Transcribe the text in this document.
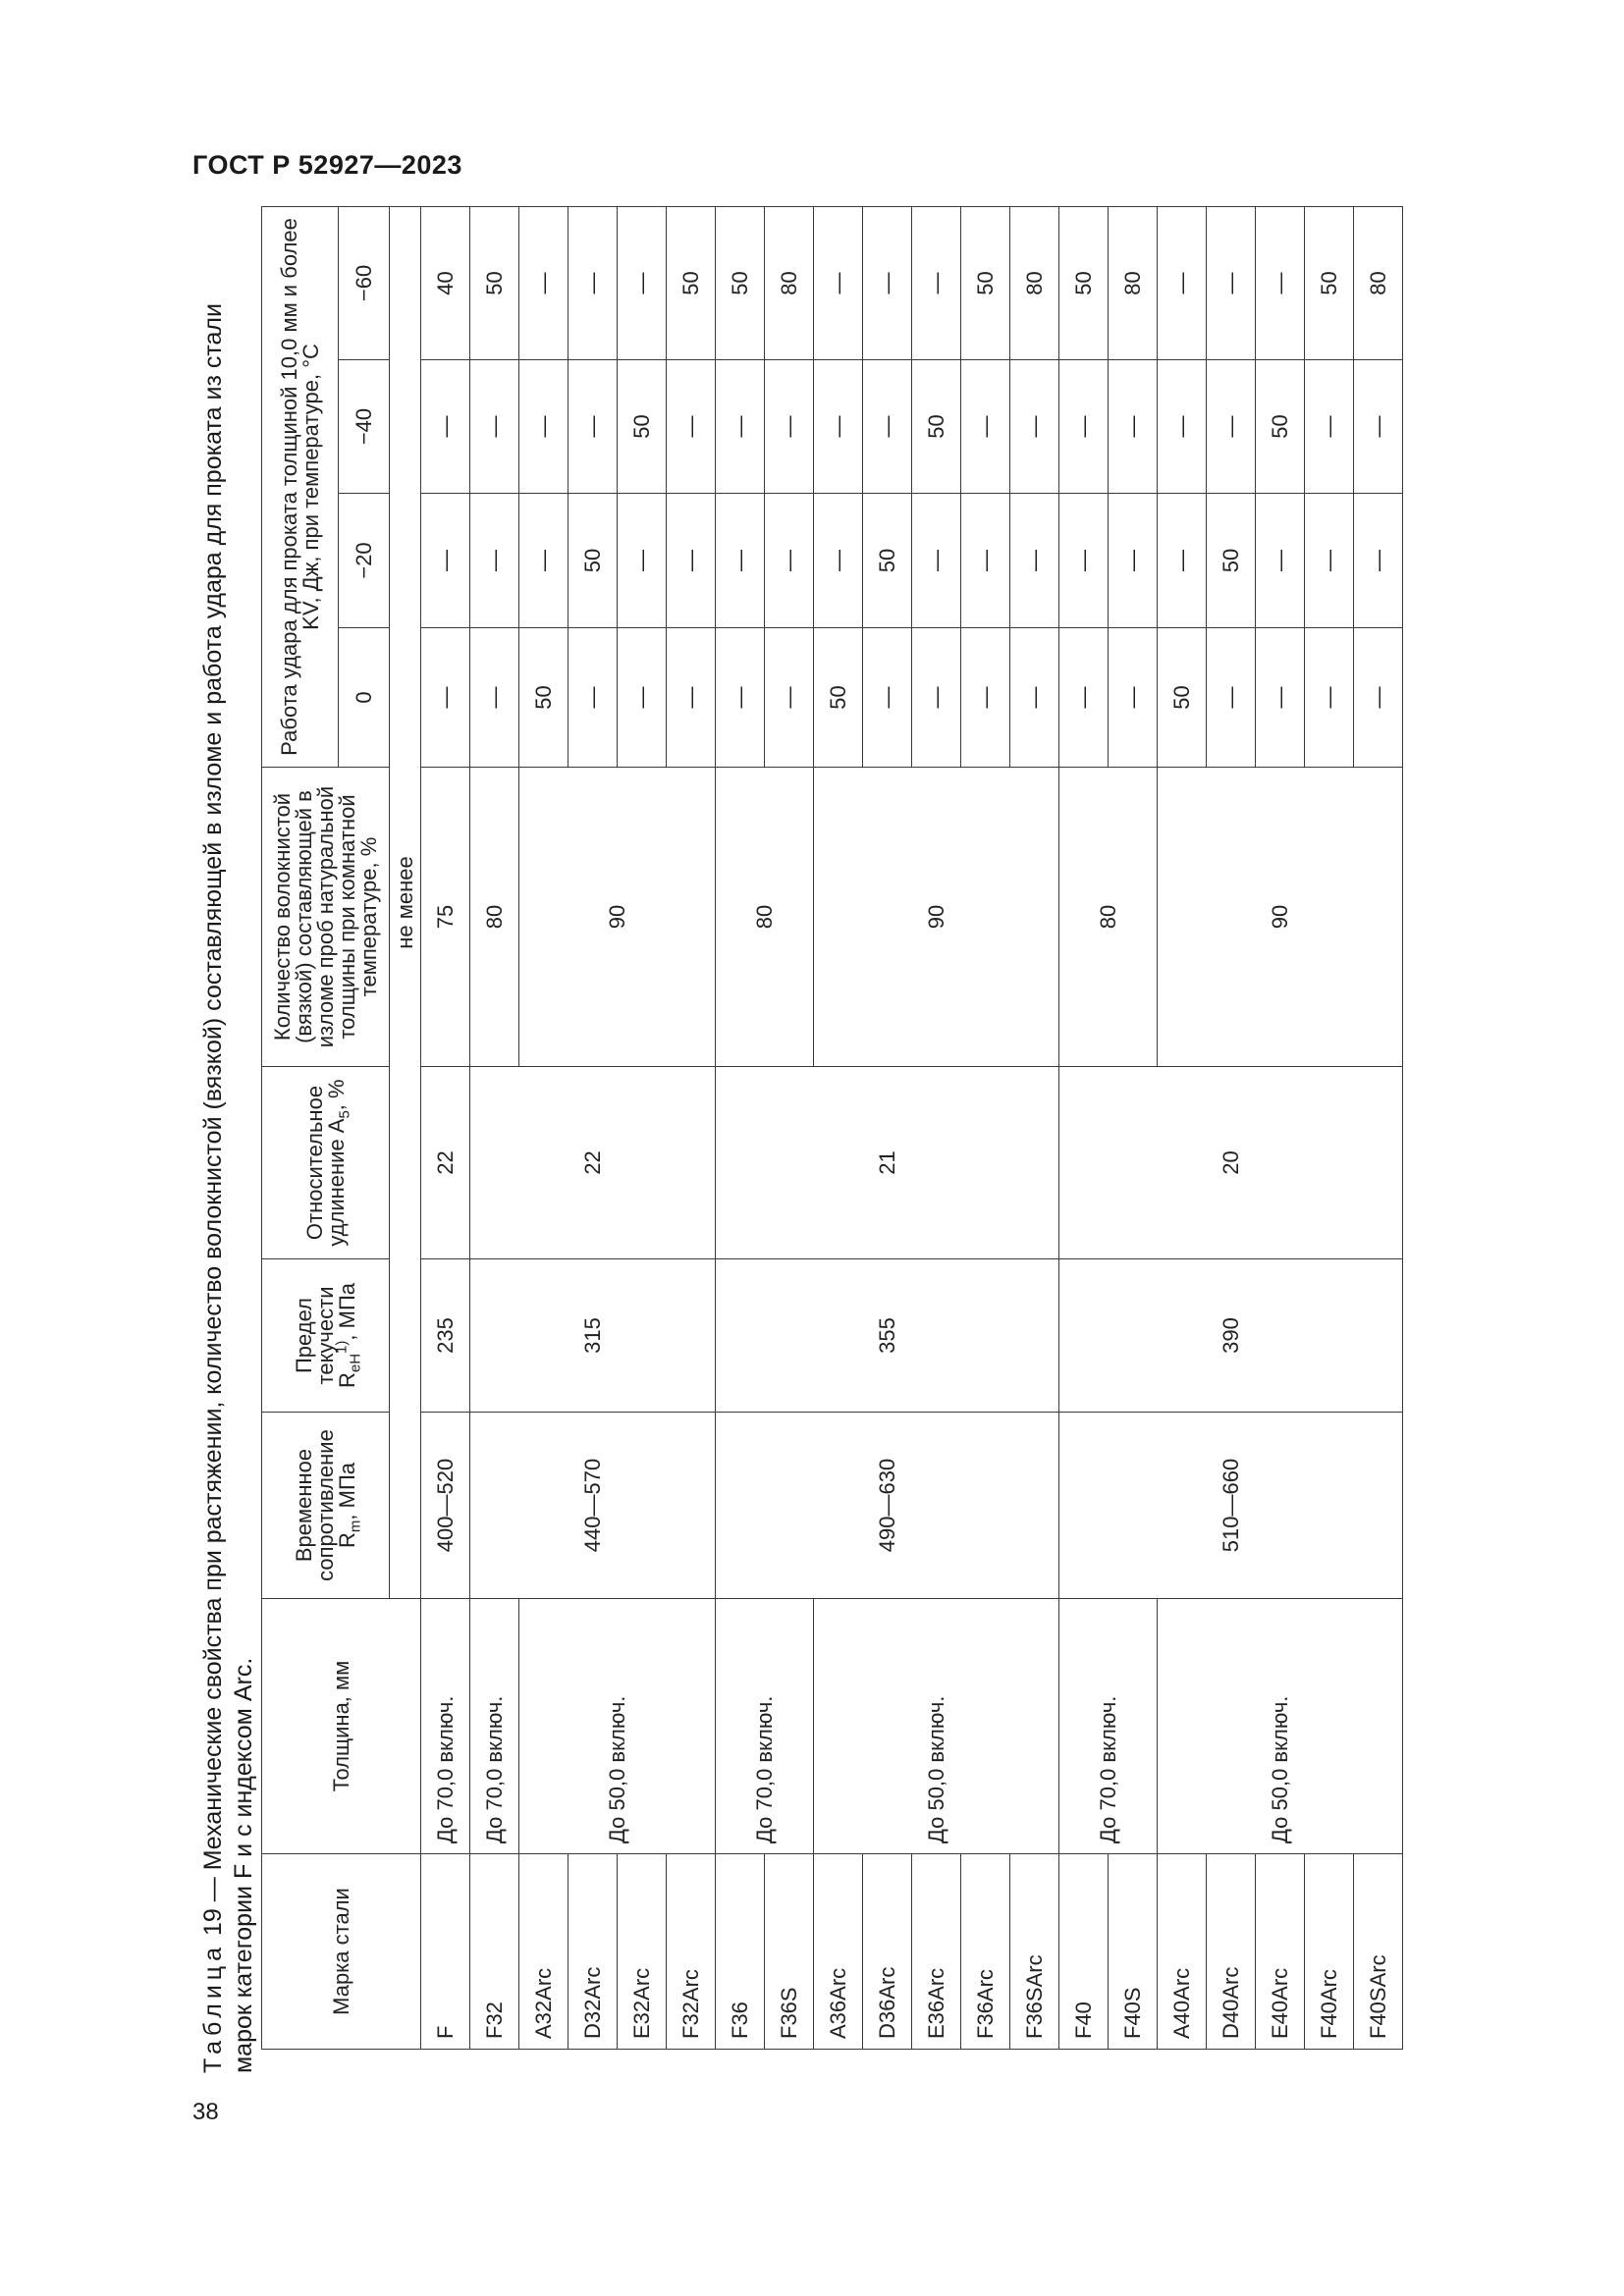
ГОСТ Р 52927—2023
38
Таблица 19 — Механические свойства при растяжении, количество волокнистой (вязкой) составляющей в изломе и работа удара для проката из стали марок категории F и с индексом Arc.	Марка стали	Толщина, мм	Временное сопротивление $R_m$, МПа	Предел текучести $R_{eH}^{1)}$, МПа	Относительное удлинение $A_5$, %	Количество волокнистой (вязкой) составляющей в изломе проб натуральной толщины при комнатной температуре, %	Работа удара для проката толщиной 10,0 мм и более KV, Дж, при температуре, °C			
						0	−20	−40	−60
		не менее							
F	До 70,0 включ.	400—520	235	22	75	—	—	—	40
F32	До 70,0 включ.	440—570	315	22	80	—	—	—	50
A32Arc	До 50,0 включ.				90	50	—	—	—
D32Arc						—	50	—	—
E32Arc						—	—	50	—
F32Arc						—	—	—	50
F36	До 70,0 включ.	490—630	355	21	80	—	—	—	50
F36S						—	—	—	80
A36Arc	До 50,0 включ.				90	50	—	—	—
D36Arc						—	50	—	—
E36Arc						—	—	50	—
F36Arc						—	—	—	50
F36SArc						—	—	—	80
F40	До 70,0 включ.	510—660	390	20	80	—	—	—	50
F40S						—	—	—	80
A40Arc	До 50,0 включ.				90	50	—	—	—
D40Arc						—	50	—	—
E40Arc						—	—	50	—
F40Arc						—	—	—	50
F40SArc						—	—	—	80
